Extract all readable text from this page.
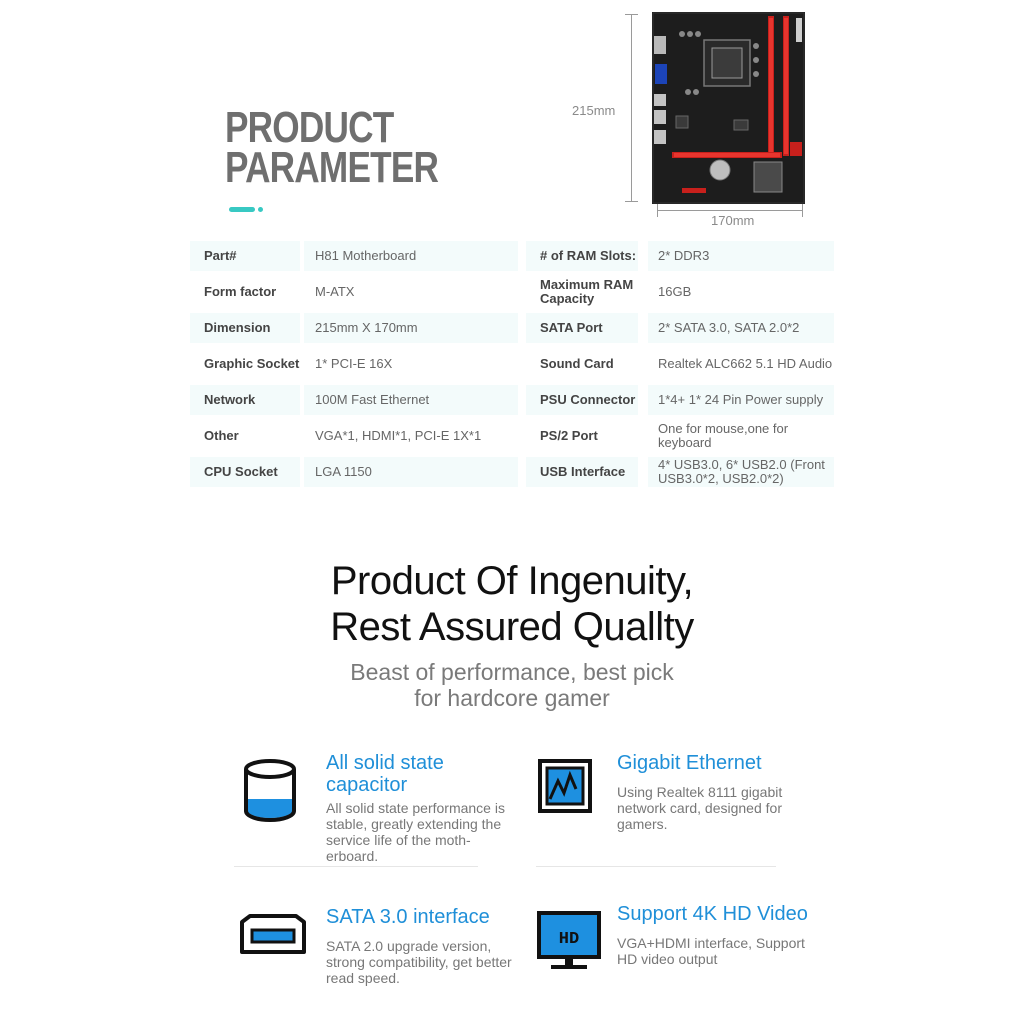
PRODUCT
PARAMETER
215mm
170mm
Part#	H81 Motherboard
Form factor	M-ATX
Dimension	215mm X 170mm
Graphic Socket	1* PCI-E 16X
Network	100M Fast Ethernet
Other	VGA*1, HDMI*1, PCI-E 1X*1
CPU Socket	LGA 1150
# of RAM Slots:	2* DDR3
Maximum RAM Capacity	16GB
SATA Port	2* SATA 3.0, SATA 2.0*2
Sound Card	Realtek ALC662 5.1 HD Audio
PSU Connector	1*4+ 1* 24 Pin Power supply
PS/2 Port	One for mouse,one for keyboard
USB Interface	4* USB3.0, 6* USB2.0 (Front USB3.0*2, USB2.0*2)
Product Of Ingenuity,
Rest Assured Quallty
Beast of performance, best pick
for hardcore gamer
All solid state capacitor
All solid state performance is stable, greatly extending the service life of the moth-erboard.
Gigabit Ethernet
Using Realtek 8111 gigabit network card, designed for gamers.
SATA 3.0 interface
SATA 2.0 upgrade version, strong compatibility, get better read speed.
HD
Support 4K HD Video
VGA+HDMI interface, Support HD video output
